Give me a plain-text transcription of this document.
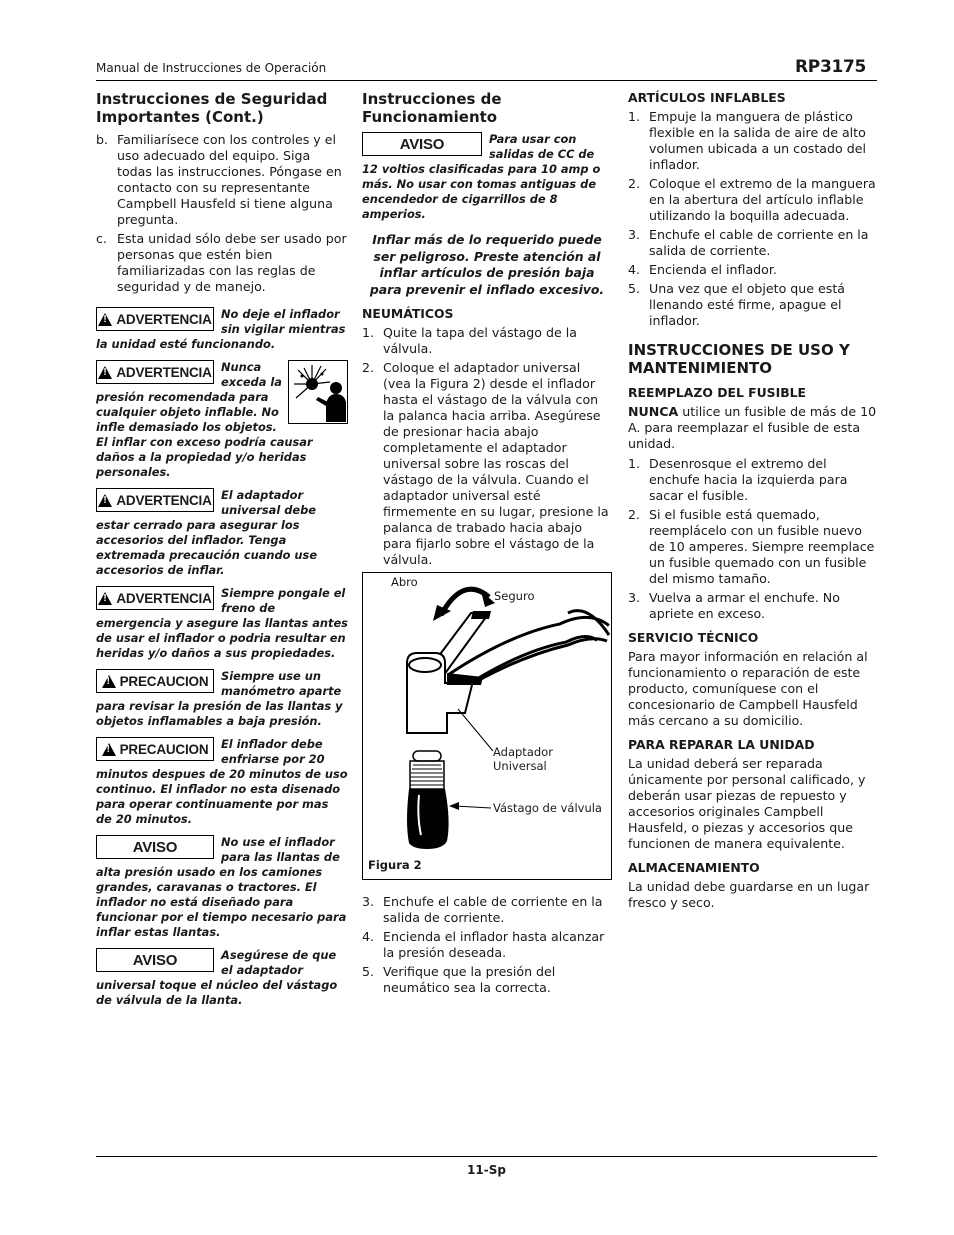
Manual de Instrucciones de Operación	RP3175
Instrucciones de Seguridad Importantes (Cont.)
b. Familiarísece con los controles y el uso adecuado del equipo. Siga todas las instrucciones. Póngase en contacto con su representante Campbell Hausfeld si tiene alguna pregunta.
c. Esta unidad sólo debe ser usado por personas que estén bien familiarizadas con las reglas de seguridad y de manejo.
!
ADVERTENCIA No deje el inflador sin vigilar mientras la unidad esté funcionando.
!
ADVERTENCIA Nunca exceda la presión recomendada para cualquier objeto inflable. No infle demasiado los objetos. El inflar con exceso podría causar daños a la propiedad y/o heridas personales.
!
ADVERTENCIA El adaptador universal debe estar cerrado para asegurar los accesorios del inflador. Tenga extremada precaución cuando use accesorios de inflar.
!
ADVERTENCIA Siempre pongale el freno de emergencia y asegure las llantas antes de usar el inflador o podria resultar en heridas y/o daños a sus propiedades.
!
PRECAUCION Siempre use un manómetro aparte para revisar la presión de las llantas y objetos inflamables a baja presión.
!
PRECAUCION El inflador debe enfriarse por 20 minutos despues de 20 minutos de uso continuo. El inflador no esta disenado para operar continuamente por mas de 20 minutos.
AVISO	No use el inflador para las llantas de alta presión usado en los camiones grandes, caravanas o tractores. El inflador no está diseñado para funcionar por el tiempo necesario para inflar estas llantas.
AVISO	Asegúrese de que el adaptador universal toque el núcleo del vástago de válvula de la llanta.
Instrucciones de Funcionamiento
AVISO	Para usar con salidas de CC de 12 voltios clasificadas para 10 amp o más. No usar con tomas antiguas de encendedor de cigarrillos de 8 amperios.
Inflar más de lo requerido puede ser peligroso. Preste atención al inflar artículos de presión baja para prevenir el inflado excesivo.
NEUMÁTICOS
1. Quite la tapa del vástago de la válvula.
2. Coloque el adaptador universal (vea la Figura 2) desde el inflador hasta el vástago de la válvula con la palanca hacia arriba. Asegúrese de presionar hacia abajo completamente el adaptador universal sobre las roscas del vástago de la válvula. Cuando el adaptador universal esté firmemente en su lugar, presione la palanca de trabado hacia abajo para fijarlo sobre el vástago de la válvula.
Abro
Seguro
Adaptador Universal
Vástago de válvula
Figura 2
3. Enchufe el cable de corriente en la salida de corriente.
4. Encienda el inflador hasta alcanzar la presión deseada.
5. Verifique que la presión del neumático sea la correcta.
ARTÍCULOS INFLABLES
1. Empuje la manguera de plástico flexible en la salida de aire de alto volumen ubicada a un costado del inflador.
2. Coloque el extremo de la manguera en la abertura del artículo inflable utilizando la boquilla adecuada.
3. Enchufe el cable de corriente en la salida de corriente.
4. Encienda el inflador.
5. Una vez que el objeto que está llenando esté firme, apague el inflador.
INSTRUCCIONES DE USO Y MANTENIMIENTO
REEMPLAZO DEL FUSIBLE

NUNCA utilice un fusible de más de 10 A. para reemplazar el fusible de esta unidad.

1. Desenrosque el extremo del enchufe hacia la izquierda para sacar el fusible.
2. Si el fusible está quemado, reemplácelo con un fusible nuevo de 10 amperes. Siempre reemplace un fusible quemado con un fusible del mismo tamaño.
3. Vuelva a armar el enchufe. No apriete en exceso.
SERVICIO TÉCNICO

Para mayor información en relación al funcionamiento o reparación de este producto, comuníquese con el concesionario de Campbell Hausfeld más cercano a su domicilio.

PARA REPARAR LA UNIDAD

La unidad deberá ser reparada únicamente por personal calificado, y deberán usar piezas de repuesto y accesorios originales Campbell Hausfeld, o piezas y accesorios que funcionen de manera equivalente.

ALMACENAMIENTO

La unidad debe guardarse en un lugar fresco y seco.

11-Sp
